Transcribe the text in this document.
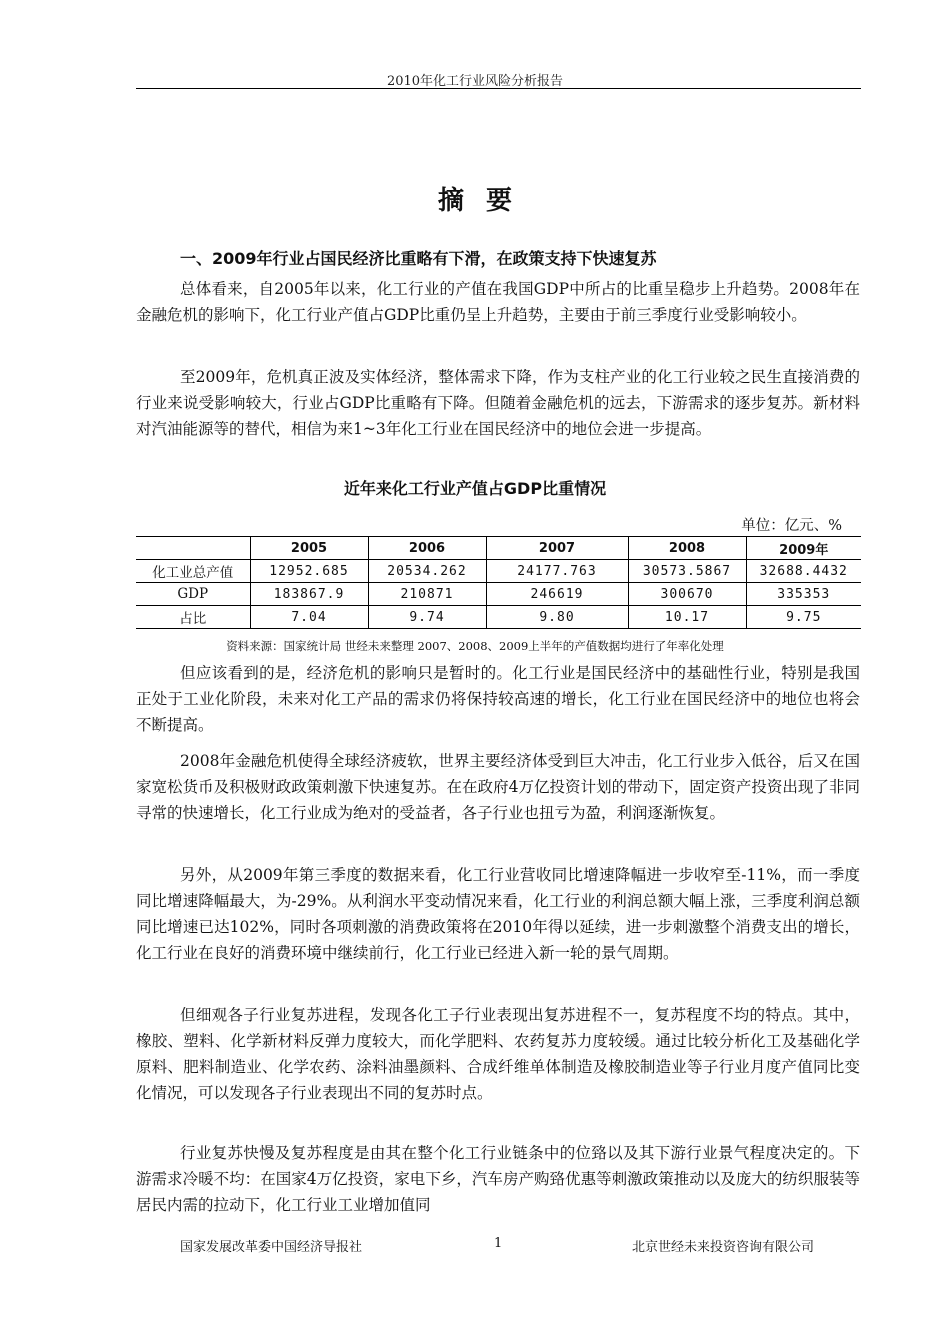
2010年化工行业风险分析报告
摘要
一、2009年行业占国民经济比重略有下滑，在政策支持下快速复苏

总体看来，自2005年以来，化工行业的产值在我国GDP中所占的比重呈稳步上升趋势。2008年在金融危机的影响下，化工行业产值占GDP比重仍呈上升趋势，主要由于前三季度行业受影响较小。

至2009年，危机真正波及实体经济，整体需求下降，作为支柱产业的化工行业较之民生直接消费的行业来说受影响较大，行业占GDP比重略有下降。但随着金融危机的远去，下游需求的逐步复苏。新材料对汽油能源等的替代，相信为来1~3年化工行业在国民经济中的地位会进一步提高。

近年来化工行业产值占GDP比重情况
单位：亿元、%
	2005	2006	2007	2008	2009年
化工业总产值	12952.685	20534.262	24177.763	30573.5867	32688.4432
GDP	183867.9	210871	246619	300670	335353
占比	7.04	9.74	9.80	10.17	9.75
资料来源：国家统计局 世经未来整理 2007、2008、2009上半年的产值数据均进行了年率化处理

但应该看到的是，经济危机的影响只是暂时的。化工行业是国民经济中的基础性行业，特别是我国正处于工业化阶段，未来对化工产品的需求仍将保持较高速的增长，化工行业在国民经济中的地位也将会不断提高。

2008年金融危机使得全球经济疲软，世界主要经济体受到巨大冲击，化工行业步入低谷，后又在国家宽松货币及积极财政政策刺激下快速复苏。在在政府4万亿投资计划的带动下，固定资产投资出现了非同寻常的快速增长，化工行业成为绝对的受益者，各子行业也扭亏为盈，利润逐渐恢复。

另外，从2009年第三季度的数据来看，化工行业营收同比增速降幅进一步收窄至-11%，而一季度同比增速降幅最大，为-29%。从利润水平变动情况来看，化工行业的利润总额大幅上涨，三季度利润总额同比增速已达102%，同时各项刺激的消费政策将在2010年得以延续，进一步刺激整个消费支出的增长，化工行业在良好的消费环境中继续前行，化工行业已经进入新一轮的景气周期。

但细观各子行业复苏进程，发现各化工子行业表现出复苏进程不一，复苏程度不均的特点。其中，橡胶、塑料、化学新材料反弹力度较大，而化学肥料、农药复苏力度较缓。通过比较分析化工及基础化学原料、肥料制造业、化学农药、涂料油墨颜料、合成纤维单体制造及橡胶制造业等子行业月度产值同比变化情况，可以发现各子行业表现出不同的复苏时点。

行业复苏快慢及复苏程度是由其在整个化工行业链条中的位臵以及其下游行业景气程度决定的。下游需求冷暖不均：在国家4万亿投资，家电下乡，汽车房产购臵优惠等刺激政策推动以及庞大的纺织服装等居民内需的拉动下，化工行业工业增加值同

国家发展改革委中国经济导报社	1	北京世经未来投资咨询有限公司
